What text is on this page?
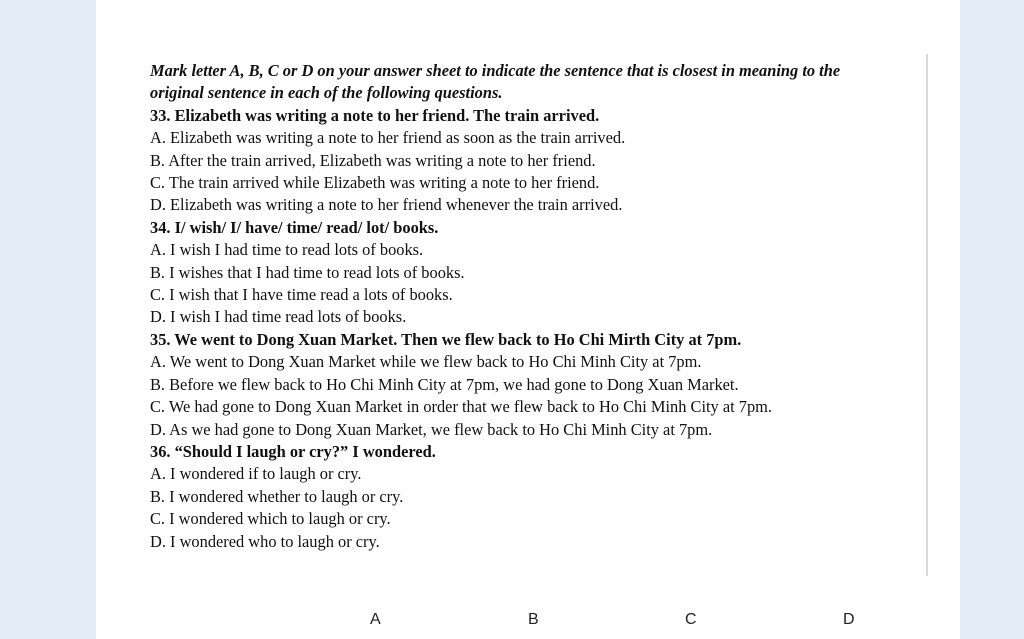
Mark letter A, B, C or D on your answer sheet to indicate the sentence that is closest in meaning to the original sentence in each of the following questions.
33. Elizabeth was writing a note to her friend. The train arrived.
A. Elizabeth was writing a note to her friend as soon as the train arrived.
B. After the train arrived, Elizabeth was writing a note to her friend.
C. The train arrived while Elizabeth was writing a note to her friend.
D. Elizabeth was writing a note to her friend whenever the train arrived.
34. I/ wish/ I/ have/ time/ read/ lot/ books.
A. I wish I had time to read lots of books.
B. I wishes that I had time to read lots of books.
C. I wish that I have time read a lots of books.
D. I wish I had time read lots of books.
35. We went to Dong Xuan Market. Then we flew back to Ho Chi Mirth City at 7pm.
A. We went to Dong Xuan Market while we flew back to Ho Chi Minh City at 7pm.
B. Before we flew back to Ho Chi Minh City at 7pm, we had gone to Dong Xuan Market.
C. We had gone to Dong Xuan Market in order that we flew back to Ho Chi Minh City at 7pm.
D. As we had gone to Dong Xuan Market, we flew back to Ho Chi Minh City at 7pm.
36. “Should I laugh or cry?” I wondered.
A. I wondered if to laugh or cry.
B. I wondered whether to laugh or cry.
C. I wondered which to laugh or cry.
D. I wondered who to laugh or cry.
A	B	C	D
